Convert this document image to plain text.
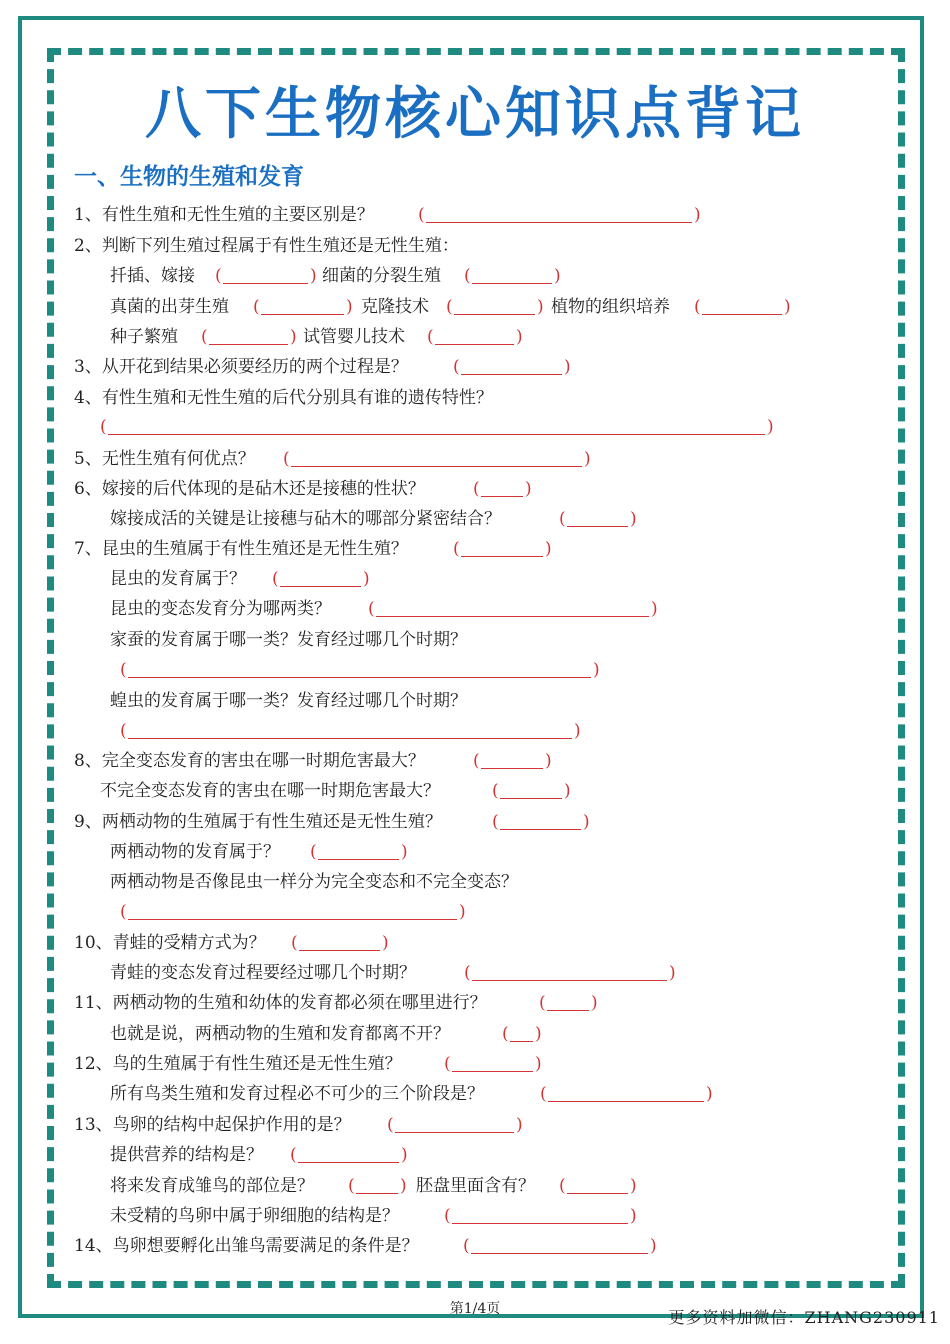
八下生物核心知识点背记
一、生物的生殖和发育
1、有性生殖和无性生殖的主要区别是？	(	)
2、判断下列生殖过程属于有性生殖还是无性生殖：
扦插、嫁接 (	) 细菌的分裂生殖 (	)
真菌的出芽生殖 (	) 克隆技术 (	) 植物的组织培养 (	)
种子繁殖 (	) 试管婴儿技术 (	)
3、从开花到结果必须要经历的两个过程是？	(	)
4、有性生殖和无性生殖的后代分别具有谁的遗传特性？
(	)
5、无性生殖有何优点？ (	)
6、嫁接的后代体现的是砧木还是接穗的性状？	(	)
嫁接成活的关键是让接穗与砧木的哪部分紧密结合？	(	)
7、昆虫的生殖属于有性生殖还是无性生殖？	(	)
昆虫的发育属于？ (	)
昆虫的变态发育分为哪两类？ (	)
家蚕的发育属于哪一类？发育经过哪几个时期？
(	)
蝗虫的发育属于哪一类？发育经过哪几个时期？
(	)
8、完全变态发育的害虫在哪一时期危害最大？	(	)
不完全变态发育的害虫在哪一时期危害最大？	(	)
9、两栖动物的生殖属于有性生殖还是无性生殖？	(	)
两栖动物的发育属于？ (	)
两栖动物是否像昆虫一样分为完全变态和不完全变态？
(	)
10、青蛙的受精方式为？ (	)
青蛙的变态发育过程要经过哪几个时期？	(	)
11、两栖动物的生殖和幼体的发育都必须在哪里进行？	(	)
也就是说，两栖动物的生殖和发育都离不开？	( )
12、鸟的生殖属于有性生殖还是无性生殖？ (	)
所有鸟类生殖和发育过程必不可少的三个阶段是？	(	)
13、鸟卵的结构中起保护作用的是？ (	)
提供营养的结构是？ (	)
将来发育成雏鸟的部位是？ (	) 胚盘里面含有？ (	)
未受精的鸟卵中属于卵细胞的结构是？	(	)
14、鸟卵想要孵化出雏鸟需要满足的条件是？	(	)
第1/4页	更多资料加微信：ZHANG230911
